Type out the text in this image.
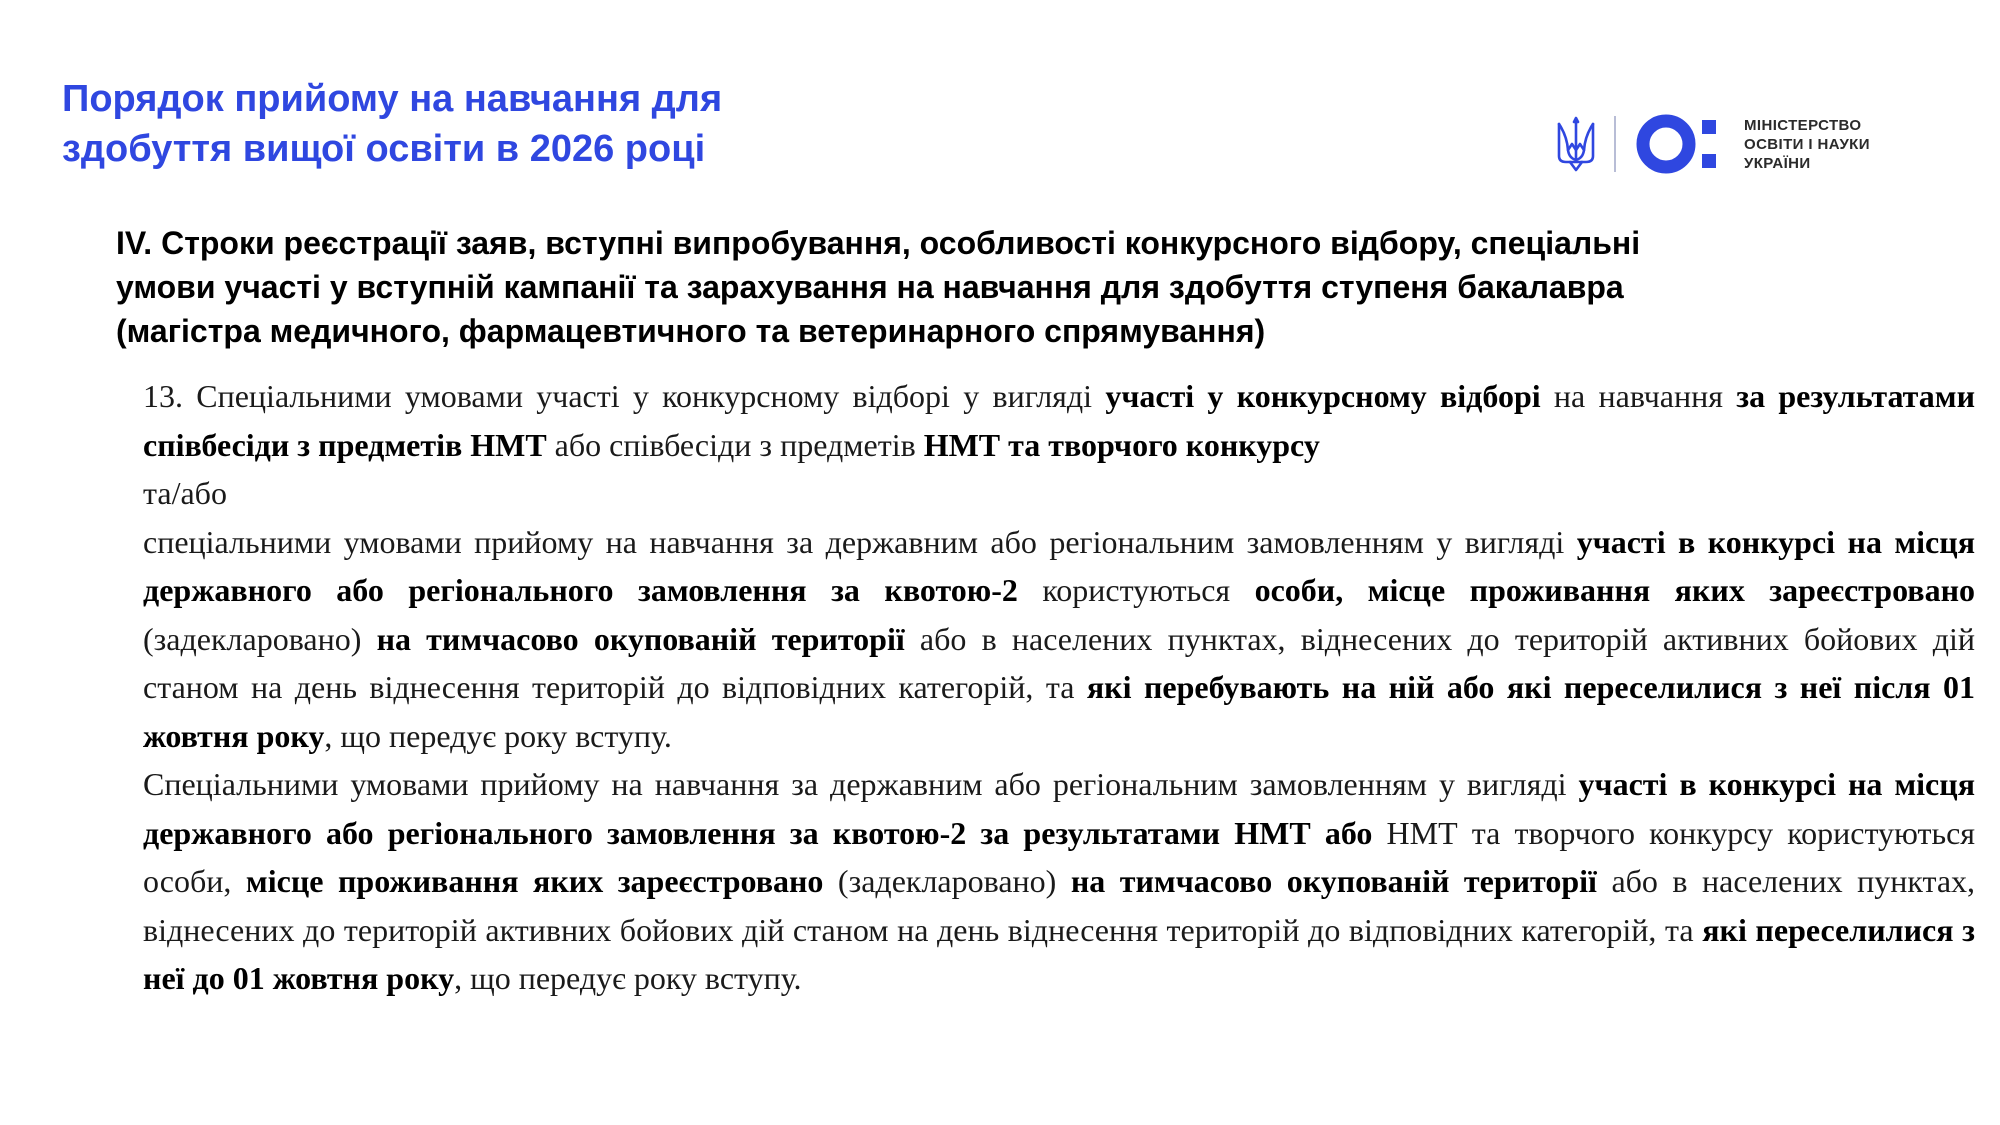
Порядок прийому на навчання для
здобуття вищої освіти в 2026 році
МІНІСТЕРСТВО
ОСВІТИ І НАУКИ
УКРАЇНИ
IV. Строки реєстрації заяв, вступні випробування, особливості конкурсного відбору, спеціальні
умови участі у вступній кампанії та зарахування на навчання для здобуття ступеня бакалавра
(магістра медичного, фармацевтичного та ветеринарного спрямування)

13. Спеціальними умовами участі у конкурсному відборі у вигляді участі у конкурсному відборі на навчання за результатами співбесіди з предметів НМТ або співбесіди з предметів НМТ та творчого конкурсу

та/або

спеціальними умовами прийому на навчання за державним або регіональним замовленням у вигляді участі в конкурсі на місця державного або регіонального замовлення за квотою-2 користуються особи, місце проживання яких зареєстровано (задекларовано) на тимчасово окупованій території або в населених пунктах, віднесених до територій активних бойових дій станом на день віднесення територій до відповідних категорій, та які перебувають на ній або які переселилися з неї після 01 жовтня року, що передує року вступу.

Спеціальними умовами прийому на навчання за державним або регіональним замовленням у вигляді участі в конкурсі на місця державного або регіонального замовлення за квотою-2 за результатами НМТ або НМТ та творчого конкурсу користуються особи, місце проживання яких зареєстровано (задекларовано) на тимчасово окупованій території або в населених пунктах, віднесених до територій активних бойових дій станом на день віднесення територій до відповідних категорій, та які переселилися з неї до 01 жовтня року, що передує року вступу.
